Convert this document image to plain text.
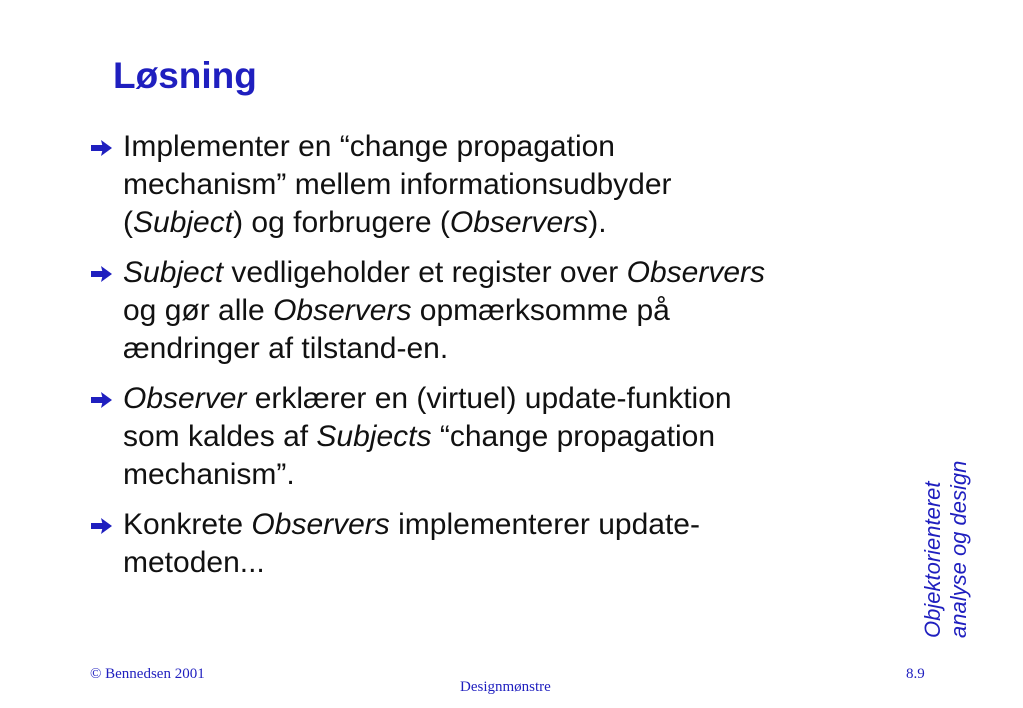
Løsning
Implementer en “change propagation
mechanism” mellem informationsudbyder
(Subject) og forbrugere (Observers).
Subject vedligeholder et register over Observers
og gør alle Observers opmærksomme på
ændringer af tilstand-en.
Observer erklærer en (virtuel) update-funktion
som kaldes af Subjects “change propagation
mechanism”.
Konkrete Observers implementerer update-
metoden...	Objektorienteret analyse og design
© Bennedsen 2001
Designmønstre
8.9
